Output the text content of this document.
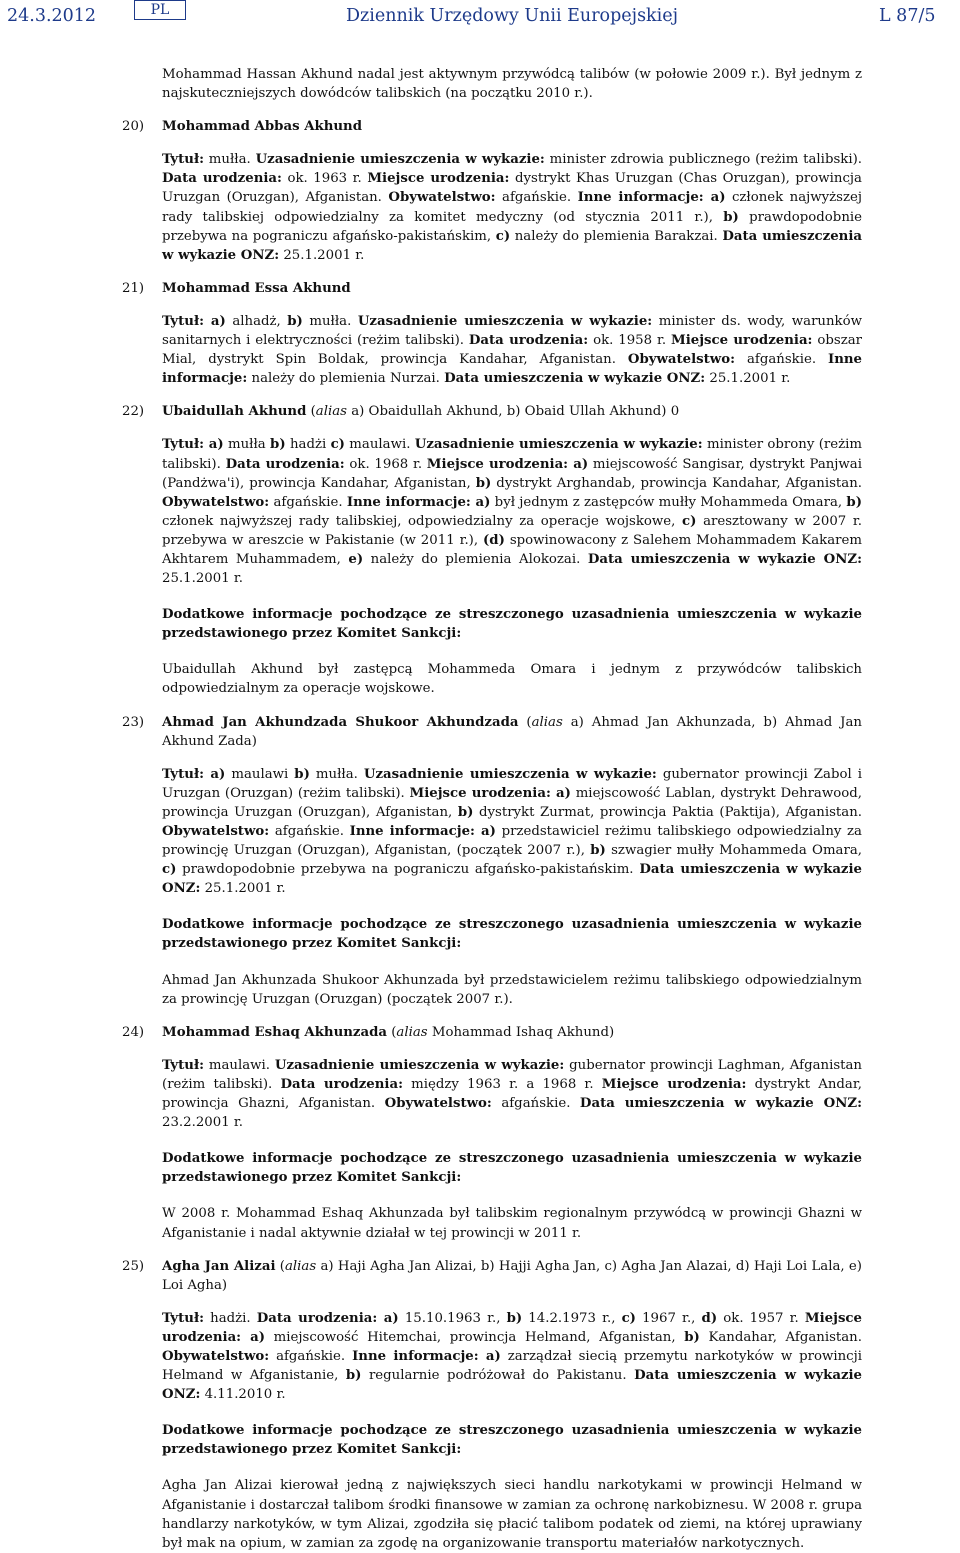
24.3.2012	PL	Dziennik Urzędowy Unii Europejskiej	L 87/5

Mohammad Hassan Akhund nadal jest aktywnym przywódcą talibów (w połowie 2009 r.). Był jednym z najskuteczniejszych dowódców talibskich (na początku 2010 r.).

20) Mohammad Abbas Akhund

Tytuł: mułła. Uzasadnienie umieszczenia w wykazie: minister zdrowia publicznego (reżim talibski). Data urodzenia: ok. 1963 r. Miejsce urodzenia: dystrykt Khas Uruzgan (Chas Oruzgan), prowincja Uruzgan (Oruzgan), Afganistan. Obywatelstwo: afgańskie. Inne informacje: a) członek najwyższej rady talibskiej odpowiedzialny za komitet medyczny (od stycznia 2011 r.), b) prawdopodobnie przebywa na pograniczu afgańsko-pakistańskim, c) należy do plemienia Barakzai. Data umieszczenia w wykazie ONZ: 25.1.2001 r.

21) Mohammad Essa Akhund

Tytuł: a) alhadż, b) mułła. Uzasadnienie umieszczenia w wykazie: minister ds. wody, warunków sanitarnych i elektryczności (reżim talibski). Data urodzenia: ok. 1958 r. Miejsce urodzenia: obszar Mial, dystrykt Spin Boldak, prowincja Kandahar, Afganistan. Obywatelstwo: afgańskie. Inne informacje: należy do plemienia Nurzai. Data umieszczenia w wykazie ONZ: 25.1.2001 r.

22) Ubaidullah Akhund (alias a) Obaidullah Akhund, b) Obaid Ullah Akhund) 0

Tytuł: a) mułła b) hadżi c) maulawi. Uzasadnienie umieszczenia w wykazie: minister obrony (reżim talibski). Data urodzenia: ok. 1968 r. Miejsce urodzenia: a) miejscowość Sangisar, dystrykt Panjwai (Pandżwa'i), prowincja Kandahar, Afganistan, b) dystrykt Arghandab, prowincja Kandahar, Afganistan. Obywatelstwo: afgańskie. Inne informacje: a) był jednym z zastępców mułły Mohammeda Omara, b) członek najwyższej rady talibskiej, odpowiedzialny za operacje wojskowe, c) aresztowany w 2007 r. przebywa w areszcie w Pakistanie (w 2011 r.), (d) spowinowacony z Salehem Mohammadem Kakarem Akhtarem Muhammadem, e) należy do plemienia Alokozai. Data umieszczenia w wykazie ONZ: 25.1.2001 r.

Dodatkowe informacje pochodzące ze streszczonego uzasadnienia umieszczenia w wykazie przedstawionego przez Komitet Sankcji:

Ubaidullah Akhund był zastępcą Mohammeda Omara i jednym z przywódców talibskich odpowiedzialnym za operacje wojskowe.

23) Ahmad Jan Akhundzada Shukoor Akhundzada (alias a) Ahmad Jan Akhunzada, b) Ahmad Jan Akhund Zada)

Tytuł: a) maulawi b) mułła. Uzasadnienie umieszczenia w wykazie: gubernator prowincji Zabol i Uruzgan (Oruzgan) (reżim talibski). Miejsce urodzenia: a) miejscowość Lablan, dystrykt Dehrawood, prowincja Uruzgan (Oruzgan), Afganistan, b) dystrykt Zurmat, prowincja Paktia (Paktija), Afganistan. Obywatelstwo: afgańskie. Inne informacje: a) przedstawiciel reżimu talibskiego odpowiedzialny za prowincję Uruzgan (Oruzgan), Afganistan, (początek 2007 r.), b) szwagier mułły Mohammeda Omara, c) prawdopodobnie przebywa na pograniczu afgańsko-pakistańskim. Data umieszczenia w wykazie ONZ: 25.1.2001 r.

Dodatkowe informacje pochodzące ze streszczonego uzasadnienia umieszczenia w wykazie przedstawionego przez Komitet Sankcji:

Ahmad Jan Akhunzada Shukoor Akhunzada był przedstawicielem reżimu talibskiego odpowiedzialnym za prowincję Uruzgan (Oruzgan) (początek 2007 r.).

24) Mohammad Eshaq Akhunzada (alias Mohammad Ishaq Akhund)

Tytuł: maulawi. Uzasadnienie umieszczenia w wykazie: gubernator prowincji Laghman, Afganistan (reżim talibski). Data urodzenia: między 1963 r. a 1968 r. Miejsce urodzenia: dystrykt Andar, prowincja Ghazni, Afganistan. Obywatelstwo: afgańskie. Data umieszczenia w wykazie ONZ: 23.2.2001 r.

Dodatkowe informacje pochodzące ze streszczonego uzasadnienia umieszczenia w wykazie przedstawionego przez Komitet Sankcji:

W 2008 r. Mohammad Eshaq Akhunzada był talibskim regionalnym przywódcą w prowincji Ghazni w Afganistanie i nadal aktywnie działał w tej prowincji w 2011 r.

25) Agha Jan Alizai (alias a) Haji Agha Jan Alizai, b) Hajji Agha Jan, c) Agha Jan Alazai, d) Haji Loi Lala, e) Loi Agha)

Tytuł: hadżi. Data urodzenia: a) 15.10.1963 r., b) 14.2.1973 r., c) 1967 r., d) ok. 1957 r. Miejsce urodzenia: a) miejscowość Hitemchai, prowincja Helmand, Afganistan, b) Kandahar, Afganistan. Obywatelstwo: afgańskie. Inne informacje: a) zarządzał siecią przemytu narkotyków w prowincji Helmand w Afganistanie, b) regularnie podróżował do Pakistanu. Data umieszczenia w wykazie ONZ: 4.11.2010 r.

Dodatkowe informacje pochodzące ze streszczonego uzasadnienia umieszczenia w wykazie przedstawionego przez Komitet Sankcji:

Agha Jan Alizai kierował jedną z największych sieci handlu narkotykami w prowincji Helmand w Afganistanie i dostarczał talibom środki finansowe w zamian za ochronę narkobiznesu. W 2008 r. grupa handlarzy narkotyków, w tym Alizai, zgodziła się płacić talibom podatek od ziemi, na której uprawiany był mak na opium, w zamian za zgodę na organizowanie transportu materiałów narkotycznych.
